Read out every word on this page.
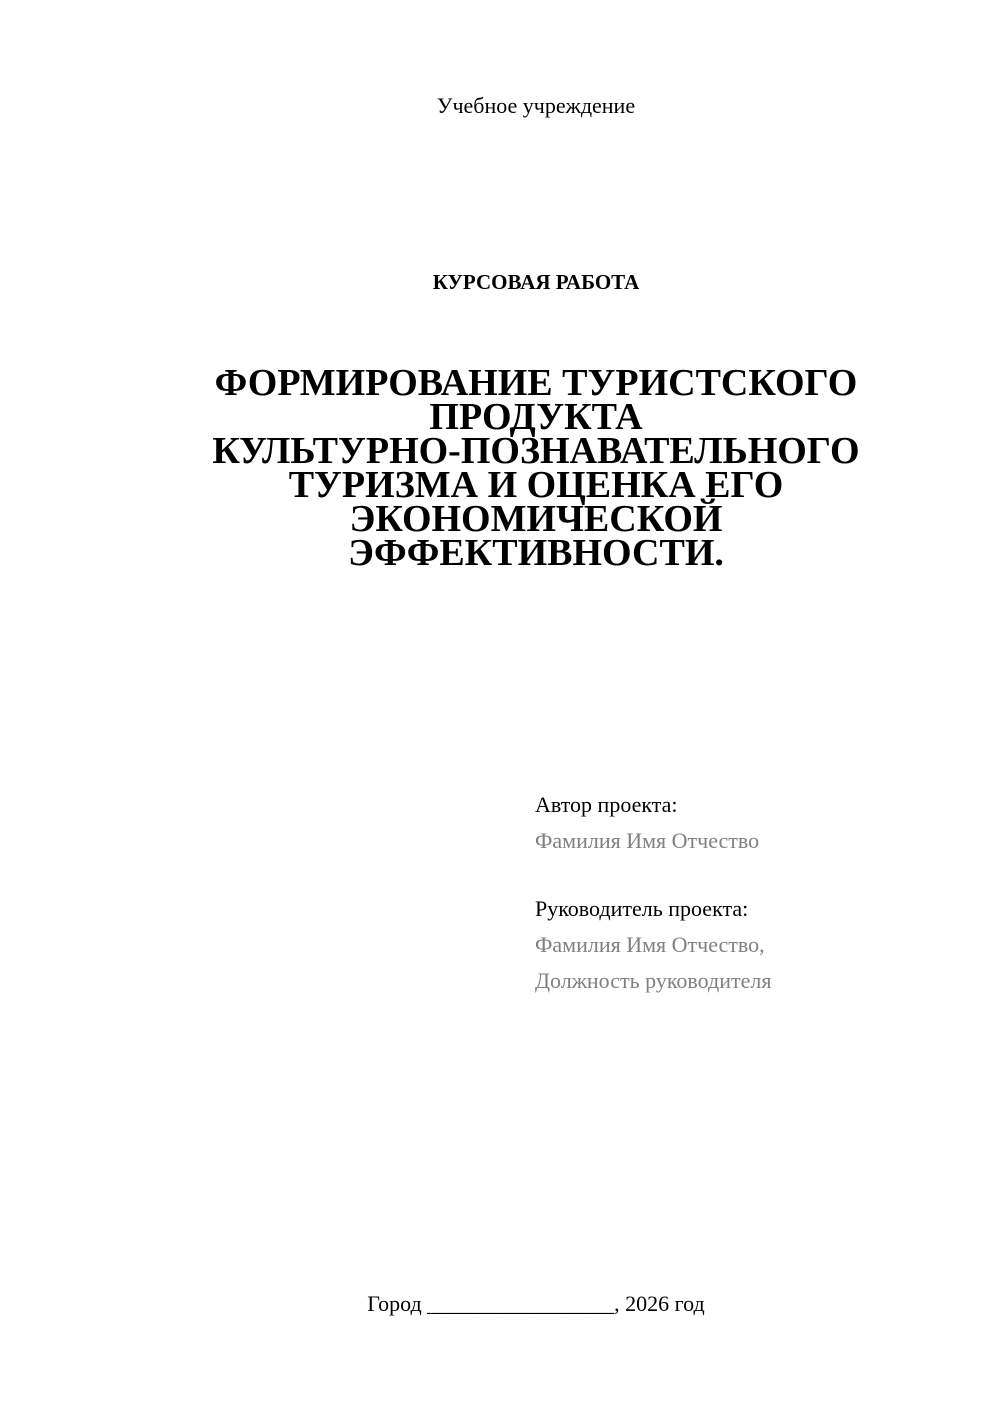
Учебное учреждение
КУРСОВАЯ РАБОТА
ФОРМИРОВАНИЕ ТУРИСТСКОГО
ПРОДУКТА
КУЛЬТУРНО-ПОЗНАВАТЕЛЬНОГО
ТУРИЗМА И ОЦЕНКА ЕГО
ЭКОНОМИЧЕСКОЙ
ЭФФЕКТИВНОСТИ.
Автор проекта:
Фамилия Имя Отчество
Руководитель проекта:
Фамилия Имя Отчество,
Должность руководителя
Город _________________, 2026 год
